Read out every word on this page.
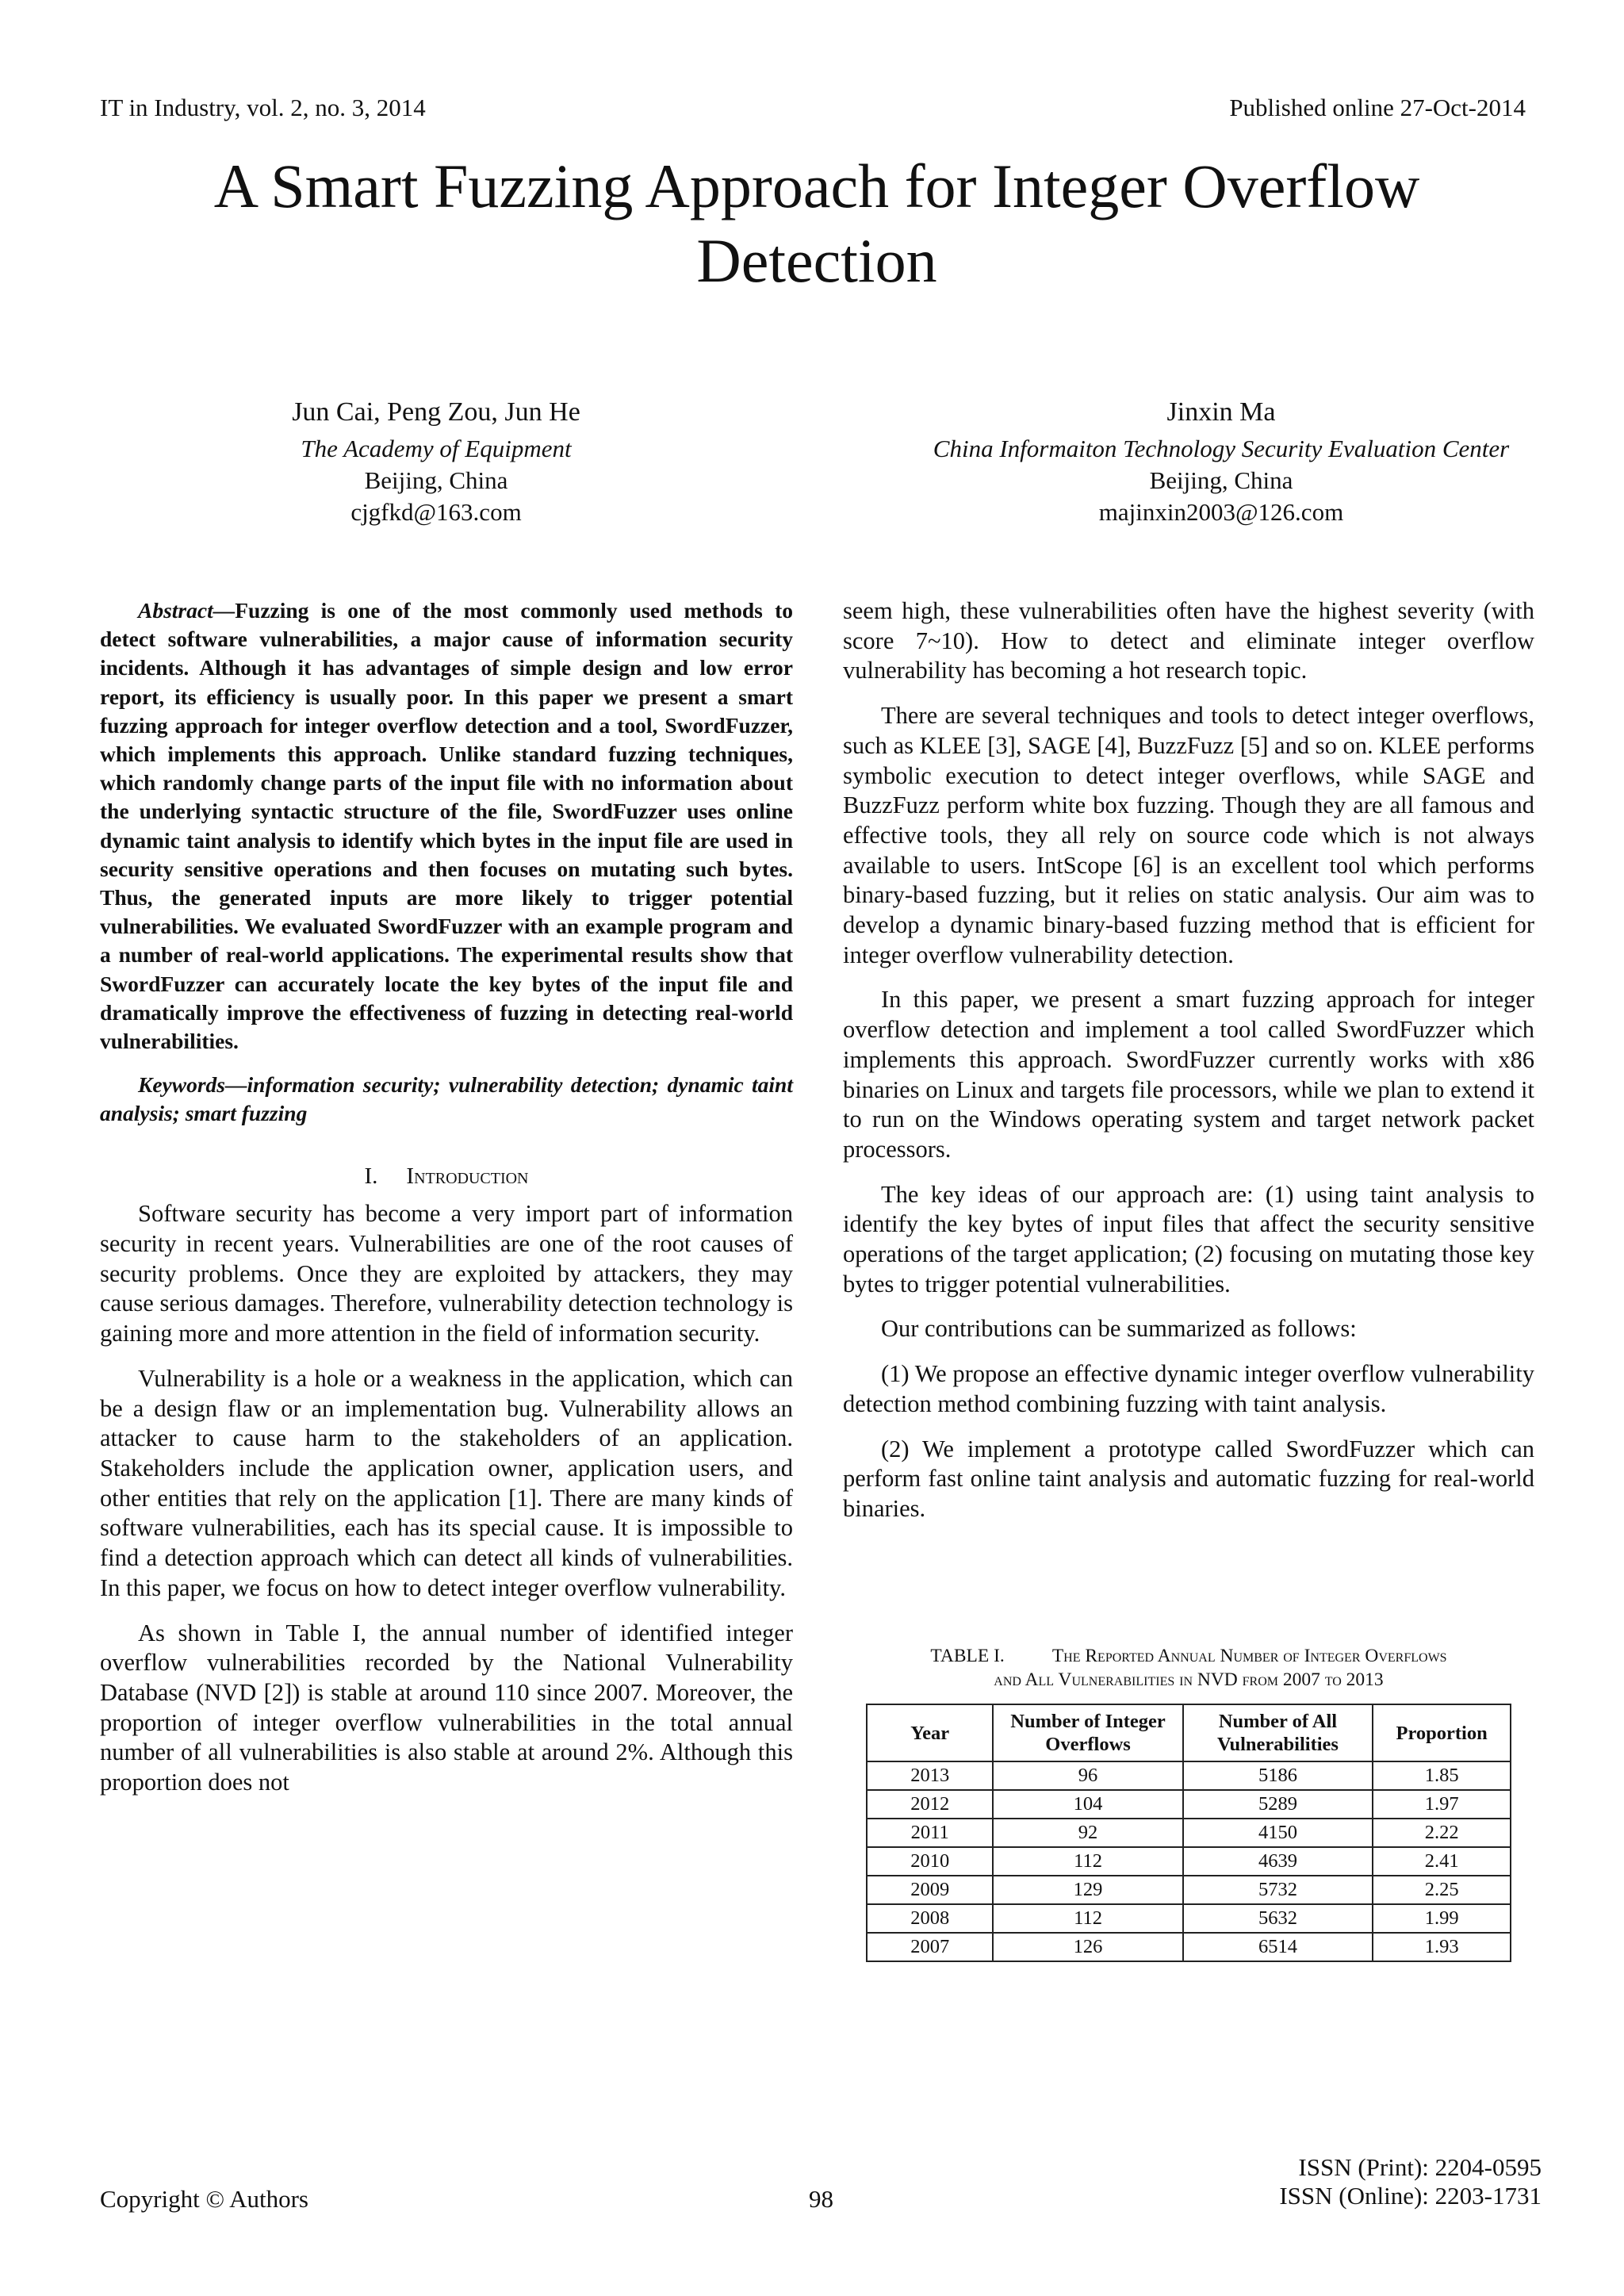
IT in Industry, vol. 2, no. 3, 2014	Published online 27-Oct-2014
A Smart Fuzzing Approach for Integer Overflow Detection
Jun Cai, Peng Zou, Jun He
The Academy of Equipment
Beijing, China
cjgfkd@163.com
Jinxin Ma
China Informaiton Technology Security Evaluation Center
Beijing, China
majinxin2003@126.com

Abstract—Fuzzing is one of the most commonly used methods to detect software vulnerabilities, a major cause of information security incidents. Although it has advantages of simple design and low error report, its efficiency is usually poor. In this paper we present a smart fuzzing approach for integer overflow detection and a tool, SwordFuzzer, which implements this approach. Unlike standard fuzzing techniques, which randomly change parts of the input file with no information about the underlying syntactic structure of the file, SwordFuzzer uses online dynamic taint analysis to identify which bytes in the input file are used in security sensitive operations and then focuses on mutating such bytes. Thus, the generated inputs are more likely to trigger potential vulnerabilities. We evaluated SwordFuzzer with an example program and a number of real-world applications. The experimental results show that SwordFuzzer can accurately locate the key bytes of the input file and dramatically improve the effectiveness of fuzzing in detecting real-world vulnerabilities.

Keywords—information security; vulnerability detection; dynamic taint analysis; smart fuzzing

I. Introduction

Software security has become a very import part of information security in recent years. Vulnerabilities are one of the root causes of security problems. Once they are exploited by attackers, they may cause serious damages. Therefore, vulnerability detection technology is gaining more and more attention in the field of information security.

Vulnerability is a hole or a weakness in the application, which can be a design flaw or an implementation bug. Vulnerability allows an attacker to cause harm to the stakeholders of an application. Stakeholders include the application owner, application users, and other entities that rely on the application [1]. There are many kinds of software vulnerabilities, each has its special cause. It is impossible to find a detection approach which can detect all kinds of vulnerabilities. In this paper, we focus on how to detect integer overflow vulnerability.

As shown in Table I, the annual number of identified integer overflow vulnerabilities recorded by the National Vulnerability Database (NVD [2]) is stable at around 110 since 2007. Moreover, the proportion of integer overflow vulnerabilities in the total annual number of all vulnerabilities is also stable at around 2%. Although this proportion does not

seem high, these vulnerabilities often have the highest severity (with score 7~10). How to detect and eliminate integer overflow vulnerability has becoming a hot research topic.

There are several techniques and tools to detect integer overflows, such as KLEE [3], SAGE [4], BuzzFuzz [5] and so on. KLEE performs symbolic execution to detect integer overflows, while SAGE and BuzzFuzz perform white box fuzzing. Though they are all famous and effective tools, they all rely on source code which is not always available to users. IntScope [6] is an excellent tool which performs binary-based fuzzing, but it relies on static analysis. Our aim was to develop a dynamic binary-based fuzzing method that is efficient for integer overflow vulnerability detection.

In this paper, we present a smart fuzzing approach for integer overflow detection and implement a tool called SwordFuzzer which implements this approach. SwordFuzzer currently works with x86 binaries on Linux and targets file processors, while we plan to extend it to run on the Windows operating system and target network packet processors.

The key ideas of our approach are: (1) using taint analysis to identify the key bytes of input files that affect the security sensitive operations of the target application; (2) focusing on mutating those key bytes to trigger potential vulnerabilities.

Our contributions can be summarized as follows:

(1) We propose an effective dynamic integer overflow vulnerability detection method combining fuzzing with taint analysis.

(2) We implement a prototype called SwordFuzzer which can perform fast online taint analysis and automatic fuzzing for real-world binaries.

TABLE I.	The Reported Annual Number of Integer Overflows
and All Vulnerabilities in NVD from 2007 to 2013
Year	Number of Integer Overflows	Number of All Vulnerabilities	Proportion
2013	96	5186	1.85
2012	104	5289	1.97
2011	92	4150	2.22
2010	112	4639	2.41
2009	129	5732	2.25
2008	112	5632	1.99
2007	126	6514	1.93
Copyright © Authors	98
ISSN (Print): 2204-0595
ISSN (Online): 2203-1731
